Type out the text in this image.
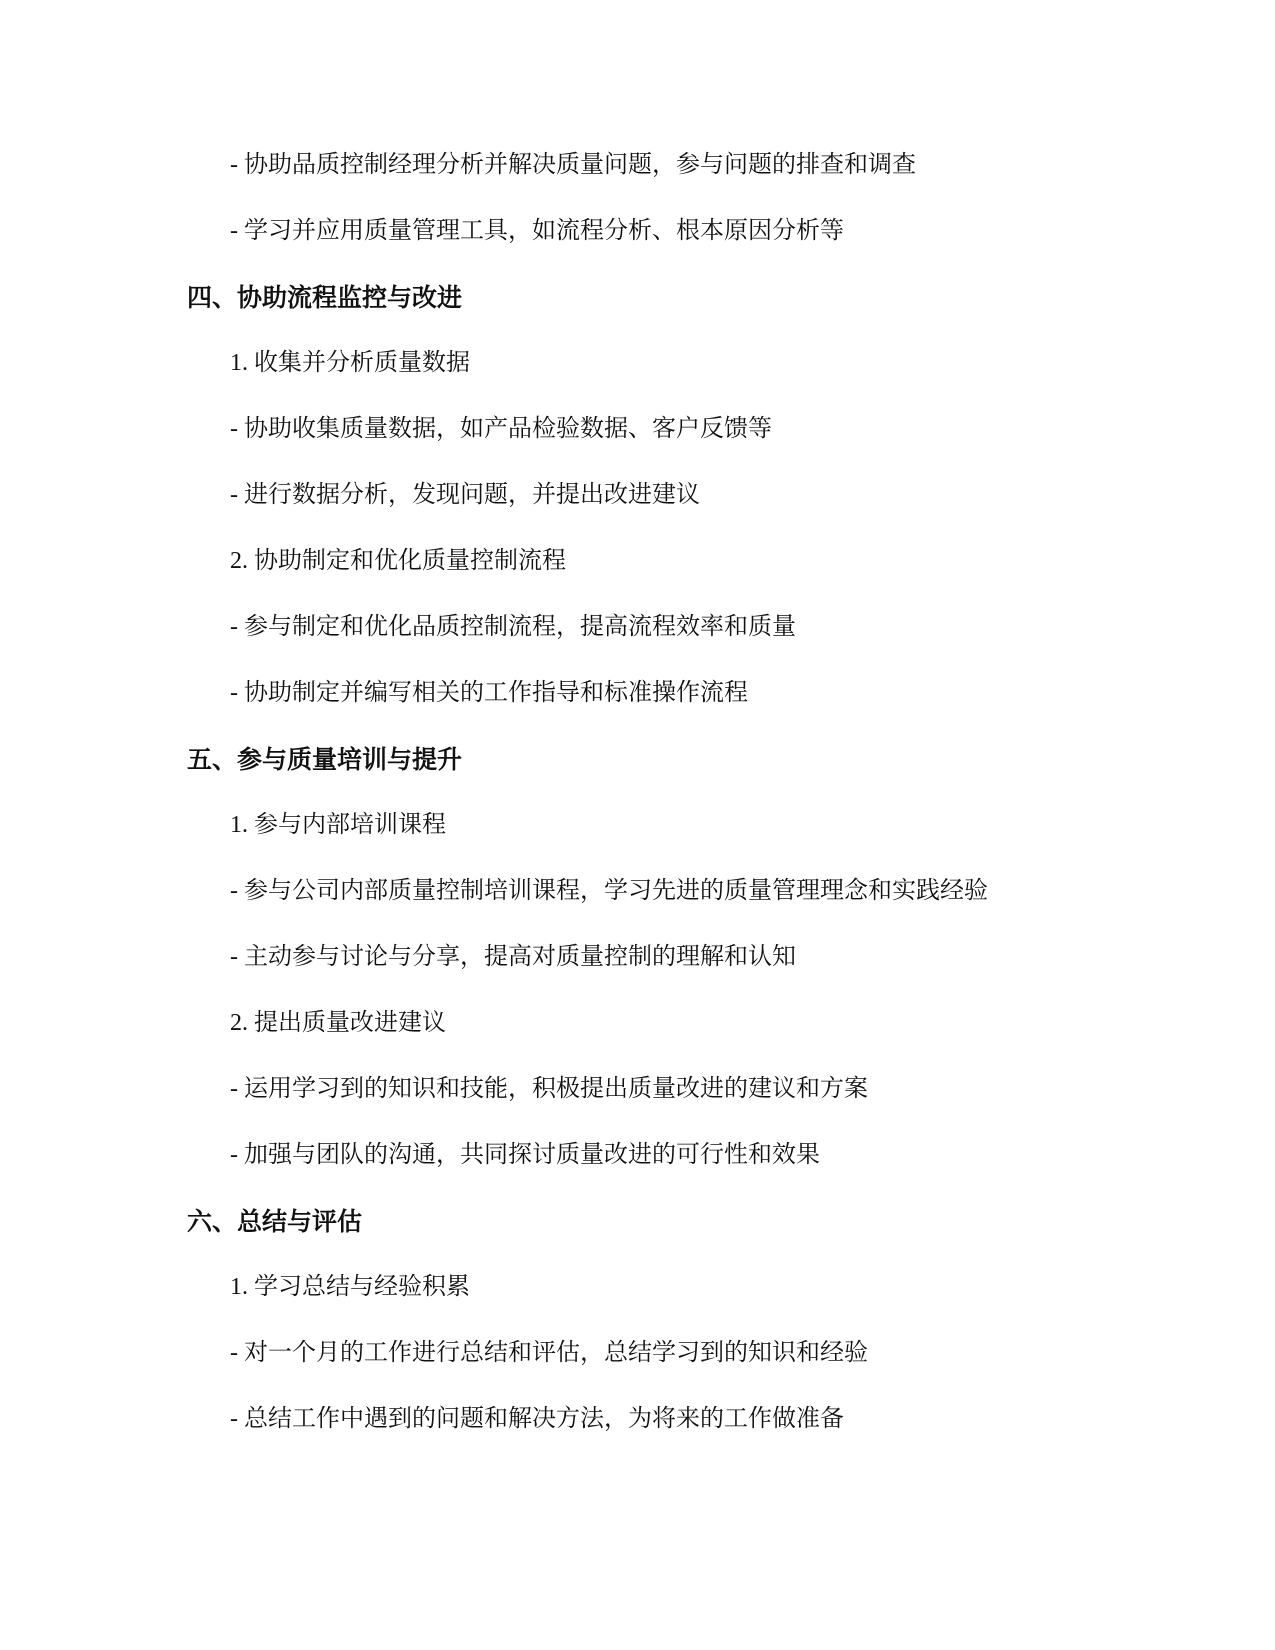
- 协助品质控制经理分析并解决质量问题，参与问题的排查和调查
- 学习并应用质量管理工具，如流程分析、根本原因分析等
四、协助流程监控与改进
1. 收集并分析质量数据
- 协助收集质量数据，如产品检验数据、客户反馈等
- 进行数据分析，发现问题，并提出改进建议
2. 协助制定和优化质量控制流程
- 参与制定和优化品质控制流程，提高流程效率和质量
- 协助制定并编写相关的工作指导和标准操作流程
五、参与质量培训与提升
1. 参与内部培训课程
- 参与公司内部质量控制培训课程，学习先进的质量管理理念和实践经验
- 主动参与讨论与分享，提高对质量控制的理解和认知
2. 提出质量改进建议
- 运用学习到的知识和技能，积极提出质量改进的建议和方案
- 加强与团队的沟通，共同探讨质量改进的可行性和效果
六、总结与评估
1. 学习总结与经验积累
- 对一个月的工作进行总结和评估，总结学习到的知识和经验
- 总结工作中遇到的问题和解决方法，为将来的工作做准备
